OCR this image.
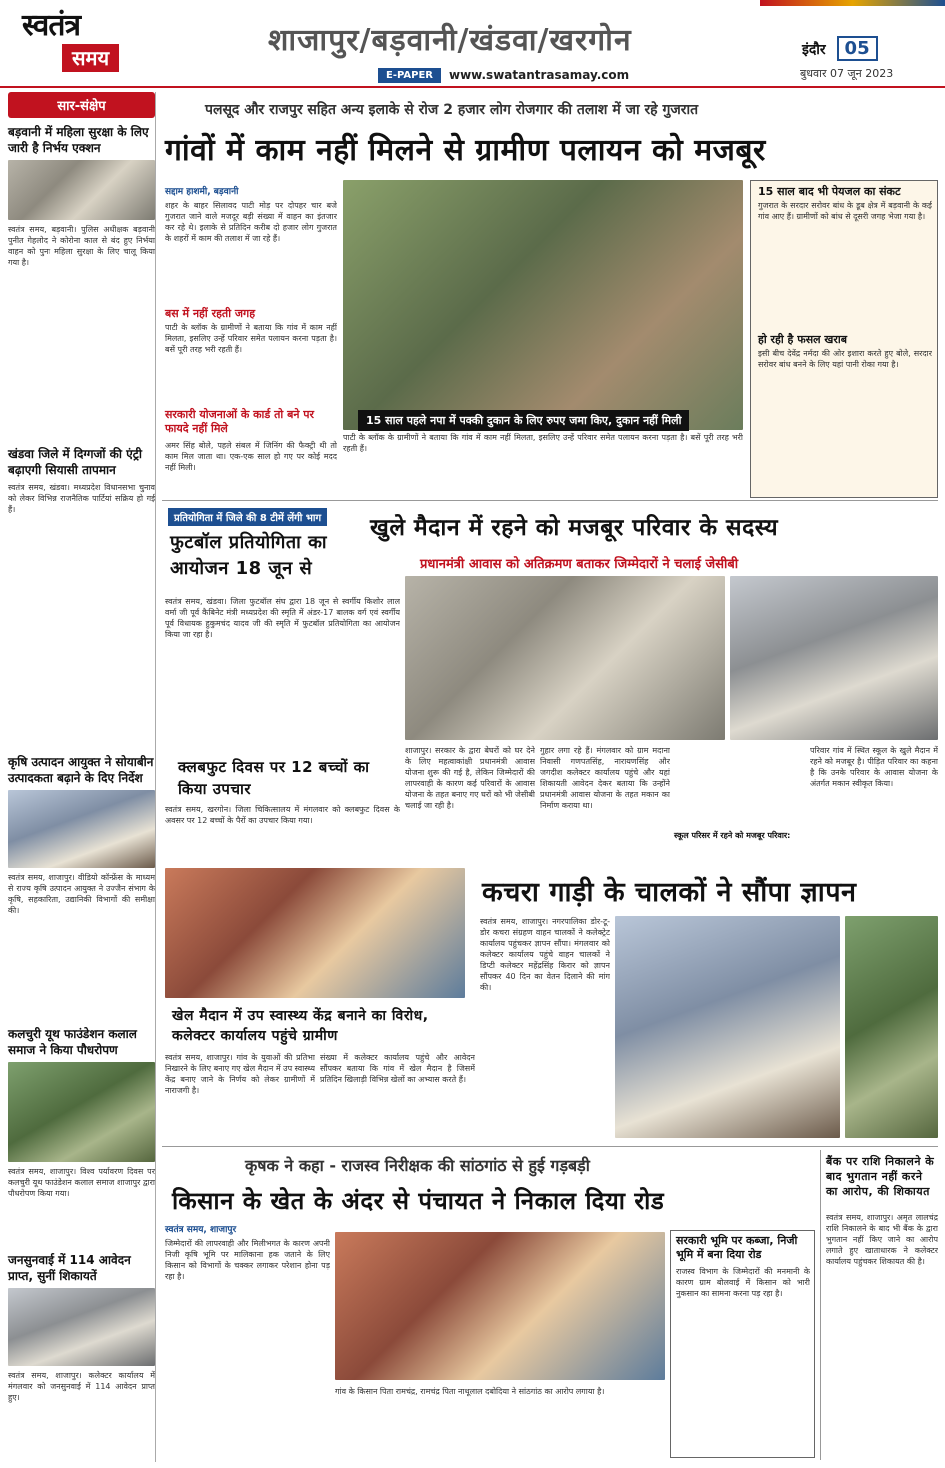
स्वतंत्र
समय	शाजापुर/बड़वानी/खंडवा/खरगोन
E-PAPER	www.swatantrasamay.com
इंदौर 05
बुधवार 07 जून 2023
सार-संक्षेप
बड़वानी में महिला सुरक्षा के लिए जारी है निर्भय एक्शन
स्वतंत्र समय, बड़वानी। पुलिस अधीक्षक बड़वानी पुनीत गेहलोद ने कोरोना काल से बंद हुए निर्भया वाहन को पुनः महिला सुरक्षा के लिए चालू किया गया है।
खंडवा जिले में दिग्गजों की एंट्री बढ़ाएगी सियासी तापमान
स्वतंत्र समय, खंडवा। मध्यप्रदेश विधानसभा चुनाव को लेकर विभिन्न राजनैतिक पार्टियां सक्रिय हो गई हैं।
कृषि उत्पादन आयुक्त ने सोयाबीन उत्पादकता बढ़ाने के दिए निर्देश
स्वतंत्र समय, शाजापुर। वीडियो कॉन्फ्रेंस के माध्यम से राज्य कृषि उत्पादन आयुक्त ने उज्जैन संभाग के कृषि, सहकारिता, उद्यानिकी विभागों की समीक्षा की।
कलचुरी यूथ फाउंडेशन कलाल समाज ने किया पौधरोपण
स्वतंत्र समय, शाजापुर। विश्व पर्यावरण दिवस पर कलचुरी यूथ फाउंडेशन कलाल समाज शाजापुर द्वारा पौधरोपण किया गया।
जनसुनवाई में 114 आवेदन प्राप्त, सुनीं शिकायतें
स्वतंत्र समय, शाजापुर। कलेक्टर कार्यालय में मंगलवार को जनसुनवाई में 114 आवेदन प्राप्त हुए।
पलसूद और राजपुर सहित अन्य इलाके से रोज 2 हजार लोग रोजगार की तलाश में जा रहे गुजरात
गांवों में काम नहीं मिलने से ग्रामीण पलायन को मजबूर
सद्दाम हाशमी, बड़वानी
शहर के बाहर सिलावद पाटी मोड़ पर दोपहर चार बजे गुजरात जाने वाले मजदूर बड़ी संख्या में वाहन का इंतजार कर रहे थे। इलाके से प्रतिदिन करीब दो हजार लोग गुजरात के शहरों में काम की तलाश में जा रहे हैं।
बस में नहीं रहती जगह
पाटी के ब्लॉक के ग्रामीणों ने बताया कि गांव में काम नहीं मिलता, इसलिए उन्हें परिवार समेत पलायन करना पड़ता है। बसें पूरी तरह भरी रहती हैं।
सरकारी योजनाओं के कार्ड तो बने पर फायदे नहीं मिले
अमर सिंह बोले, पहले संबल में जिनिंग की फैक्ट्री थी तो काम मिल जाता था। एक-एक साल हो गए पर कोई मदद नहीं मिली।
15 साल पहले नपा में पक्की दुकान के लिए रुपए जमा किए, दुकान नहीं मिली
पाटी के ब्लॉक के ग्रामीणों ने बताया कि गांव में काम नहीं मिलता, इसलिए उन्हें परिवार समेत पलायन करना पड़ता है। बसें पूरी तरह भरी रहती हैं।
15 साल बाद भी पेयजल का संकट
गुजरात के सरदार सरोवर बांध के डूब क्षेत्र में बड़वानी के कई गांव आए हैं। ग्रामीणों को बांध से दूसरी जगह भेजा गया है।
हो रही है फसल खराब
इसी बीच देवेंद्र नर्मदा की ओर इशारा करते हुए बोले, सरदार सरोवर बांध बनने के लिए यहां पानी रोका गया है।
प्रतियोगिता में जिले की 8 टीमें लेंगी भाग
फुटबॉल प्रतियोगिता का आयोजन 18 जून से
स्वतंत्र समय, खंडवा। जिला फुटबॉल संघ द्वारा 18 जून से स्वर्गीय किशोर लाल वर्मा जी पूर्व कैबिनेट मंत्री मध्यप्रदेश की स्मृति में अंडर-17 बालक वर्ग एवं स्वर्गीय पूर्व विधायक हुकुमचंद यादव जी की स्मृति में फुटबॉल प्रतियोगिता का आयोजन किया जा रहा है।
क्लबफुट दिवस पर 12 बच्चों का किया उपचार
स्वतंत्र समय, खरगोन। जिला चिकित्सालय में मंगलवार को क्लबफुट दिवस के अवसर पर 12 बच्चों के पैरों का उपचार किया गया।
खुले मैदान में रहने को मजबूर परिवार के सदस्य
प्रधानमंत्री आवास को अतिक्रमण बताकर जिम्मेदारों ने चलाई जेसीबी
शाजापुर। सरकार के द्वारा बेघरों को घर देने के लिए महत्वाकांक्षी प्रधानमंत्री आवास योजना शुरू की गई है, लेकिन जिम्मेदारों की लापरवाही के कारण कई परिवारों के आवास योजना के तहत बनाए गए घरों को भी जेसीबी चलाई जा रही है।
गुहार लगा रहे हैं। मंगलवार को ग्राम मदाना निवासी गणपतसिंह, नारायणसिंह और जगदीश कलेक्टर कार्यालय पहुंचे और यहां शिकायती आवेदन देकर बताया कि उन्होंने प्रधानमंत्री आवास योजना के तहत मकान का निर्माण कराया था।
स्कूल परिसर में रहने को मजबूर परिवार:
परिवार गांव में स्थित स्कूल के खुले मैदान में रहने को मजबूर है। पीड़ित परिवार का कहना है कि उनके परिवार के आवास योजना के अंतर्गत मकान स्वीकृत किया।
कचरा गाड़ी के चालकों ने सौंपा ज्ञापन
स्वतंत्र समय, शाजापुर। नगरपालिका डोर-टू-डोर कचरा संग्रहण वाहन चालकों ने कलेक्ट्रेट कार्यालय पहुंचकर ज्ञापन सौंपा। मंगलवार को कलेक्टर कार्यालय पहुंचे वाहन चालकों ने डिप्टी कलेक्टर महेंद्रसिंह किरार को ज्ञापन सौंपकर 40 दिन का वेतन दिलाने की मांग की।
खेल मैदान में उप स्वास्थ्य केंद्र बनाने का विरोध, कलेक्टर कार्यालय पहुंचे ग्रामीण
स्वतंत्र समय, शाजापुर। गांव के युवाओं की प्रतिभा निखारने के लिए बनाए गए खेल मैदान में उप स्वास्थ्य केंद्र बनाए जाने के निर्णय को लेकर ग्रामीणों में नाराजगी है।
संख्या में कलेक्टर कार्यालय पहुंचे और आवेदन सौंपकर बताया कि गांव में खेल मैदान है जिसमें प्रतिदिन खिलाड़ी विभिन्न खेलों का अभ्यास करते हैं।
कृषक ने कहा - राजस्व निरीक्षक की सांठगांठ से हुई गड़बड़ी
किसान के खेत के अंदर से पंचायत ने निकाल दिया रोड
स्वतंत्र समय, शाजापुर
जिम्मेदारों की लापरवाही और मिलीभगत के कारण अपनी निजी कृषि भूमि पर मालिकाना हक जताने के लिए किसान को विभागों के चक्कर लगाकर परेशान होना पड़ रहा है।
गांव के किसान पिता रामचंद्र, रामचंद्र पिता नाथूलाल दबोदिया ने सांठगांठ का आरोप लगाया है।
सरकारी भूमि पर कब्जा, निजी भूमि में बना दिया रोड
राजस्व विभाग के जिम्मेदारों की मनमानी के कारण ग्राम बोलवाई में किसान को भारी नुकसान का सामना करना पड़ रहा है।
बैंक पर राशि निकालने के बाद भुगतान नहीं करने का आरोप, की शिकायत
स्वतंत्र समय, शाजापुर। अमृत लालचंद्र राशि निकालने के बाद भी बैंक के द्वारा भुगतान नहीं किए जाने का आरोप लगाते हुए खाताधारक ने कलेक्टर कार्यालय पहुंचकर शिकायत की है।
